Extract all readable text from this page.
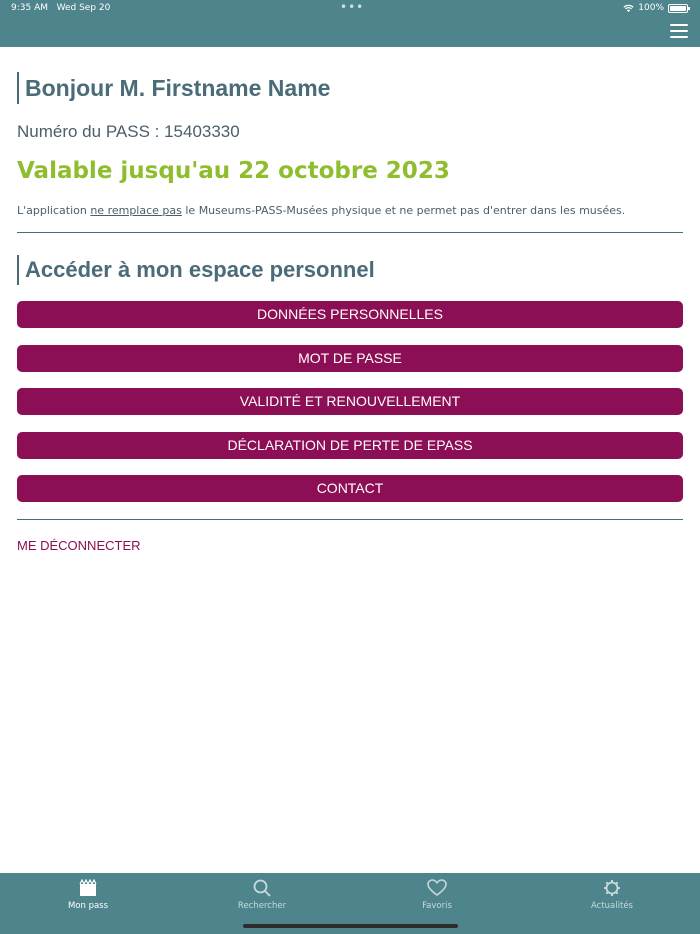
9:35 AM Wed Sep 20	•••	100%
Bonjour M. Firstname Name
Numéro du PASS : 15403330
Valable jusqu'au 22 octobre 2023
L'application ne remplace pas le Museums-PASS-Musées physique et ne permet pas d'entrer dans les musées.
Accéder à mon espace personnel
DONNÉES PERSONNELLES
MOT DE PASSE
VALIDITÉ ET RENOUVELLEMENT
DÉCLARATION DE PERTE DE EPASS
CONTACT
ME DÉCONNECTER
Mon pass	Rechercher	Favoris	Actualités
